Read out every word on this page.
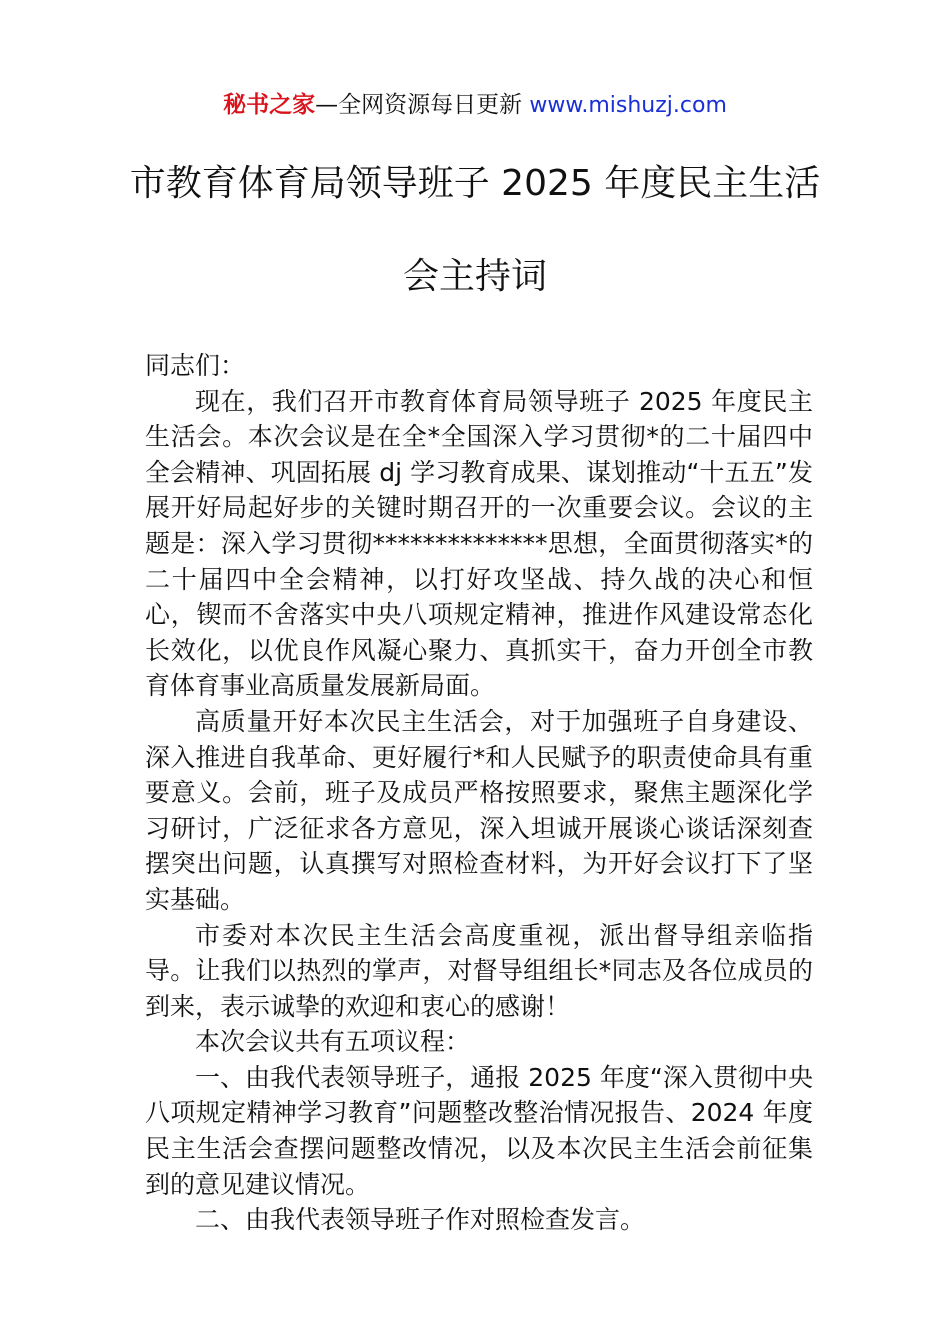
秘书之家—全网资源每日更新 www.mishuzj.com
市教育体育局领导班子 2025 年度民主生活
会主持词

同志们：

现在，我们召开市教育体育局领导班子 2025 年度民主生活会。本次会议是在全*全国深入学习贯彻*的二十届四中全会精神、巩固拓展 dj 学习教育成果、谋划推动“十五五”发展开好局起好步的关键时期召开的一次重要会议。会议的主题是：深入学习贯彻**************思想，全面贯彻落实*的二十届四中全会精神，以打好攻坚战、持久战的决心和恒心，锲而不舍落实中央八项规定精神，推进作风建设常态化长效化，以优良作风凝心聚力、真抓实干，奋力开创全市教育体育事业高质量发展新局面。

高质量开好本次民主生活会，对于加强班子自身建设、深入推进自我革命、更好履行*和人民赋予的职责使命具有重要意义。会前，班子及成员严格按照要求，聚焦主题深化学习研讨，广泛征求各方意见，深入坦诚开展谈心谈话深刻查摆突出问题，认真撰写对照检查材料，为开好会议打下了坚实基础。

市委对本次民主生活会高度重视，派出督导组亲临指导。让我们以热烈的掌声，对督导组组长*同志及各位成员的到来，表示诚挚的欢迎和衷心的感谢！

本次会议共有五项议程：

一、由我代表领导班子，通报 2025 年度“深入贯彻中央八项规定精神学习教育”问题整改整治情况报告、2024 年度民主生活会查摆问题整改情况，以及本次民主生活会前征集到的意见建议情况。

二、由我代表领导班子作对照检查发言。
